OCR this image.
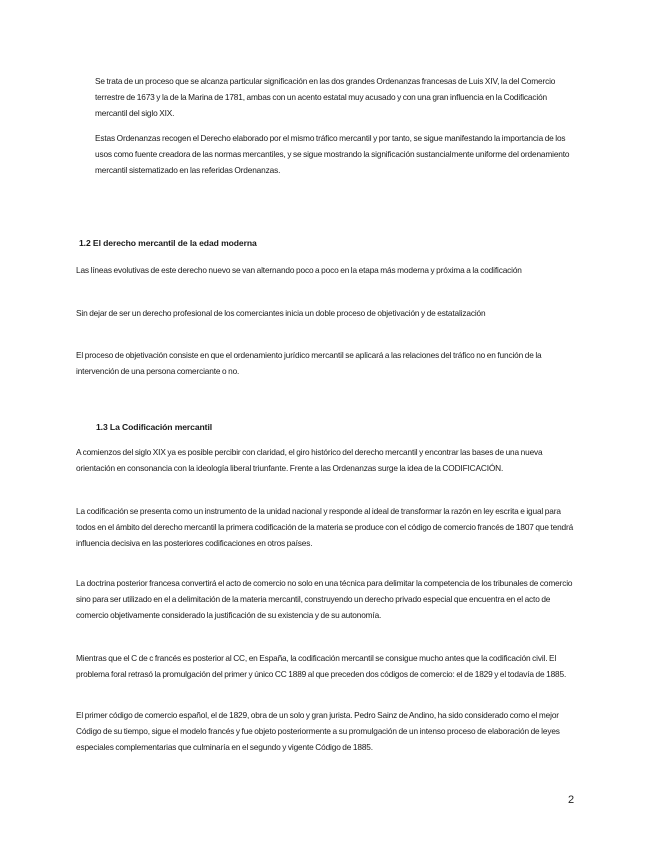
Se trata de un proceso que se alcanza particular significación en las dos grandes Ordenanzas francesas de Luis XIV, la del Comercio terrestre de 1673 y la de la Marina de 1781, ambas con un acento estatal muy acusado y con una gran influencia en la Codificación mercantil del siglo XIX.

Estas Ordenanzas recogen el Derecho elaborado por el mismo tráfico mercantil y por tanto, se sigue manifestando la importancia de los usos como fuente creadora de las normas mercantiles, y se sigue mostrando la significación sustancialmente uniforme del ordenamiento mercantil sistematizado en las referidas Ordenanzas.

1.2 El derecho mercantil de la edad moderna

Las líneas evolutivas de este derecho nuevo se van alternando poco a poco en la etapa más moderna y próxima a la codificación

Sin dejar de ser un derecho profesional de los comerciantes inicia un doble proceso de objetivación y de estatalización

El proceso de objetivación consiste en que el ordenamiento jurídico mercantil se aplicará a las relaciones del tráfico no en función de la intervención de una persona comerciante o no.

1.3 La Codificación mercantil

A comienzos del siglo XIX ya es posible percibir con claridad, el giro histórico del derecho mercantil y encontrar las bases de una nueva orientación en consonancia con la ideología liberal triunfante. Frente a las Ordenanzas surge la idea de la CODIFICACIÓN.

La codificación se presenta como un instrumento de la unidad nacional y responde al ideal de transformar la razón en ley escrita e igual para todos en el ámbito del derecho mercantil la primera codificación de la materia se produce con el código de comercio francés de 1807 que tendrá influencia decisiva en las posteriores codificaciones en otros países.

La doctrina posterior francesa convertirá el acto de comercio no solo en una técnica para delimitar la competencia de los tribunales de comercio sino para ser utilizado en el a delimitación de la materia mercantil, construyendo un derecho privado especial que encuentra en el acto de comercio objetivamente considerado la justificación de su existencia y de su autonomía.

Mientras que el C de c francés es posterior al CC, en España, la codificación mercantil se consigue mucho antes que la codificación civil. El problema foral retrasó la promulgación del primer y único CC 1889 al que preceden dos códigos de comercio: el de 1829 y el todavía de 1885.

El primer código de comercio español, el de 1829, obra de un solo y gran jurista. Pedro Sainz de Andino, ha sido considerado como el mejor Código de su tiempo, sigue el modelo francés y fue objeto posteriormente a su promulgación de un intenso proceso de elaboración de leyes especiales complementarias que culminaría en el segundo y vigente Código de 1885.

2
